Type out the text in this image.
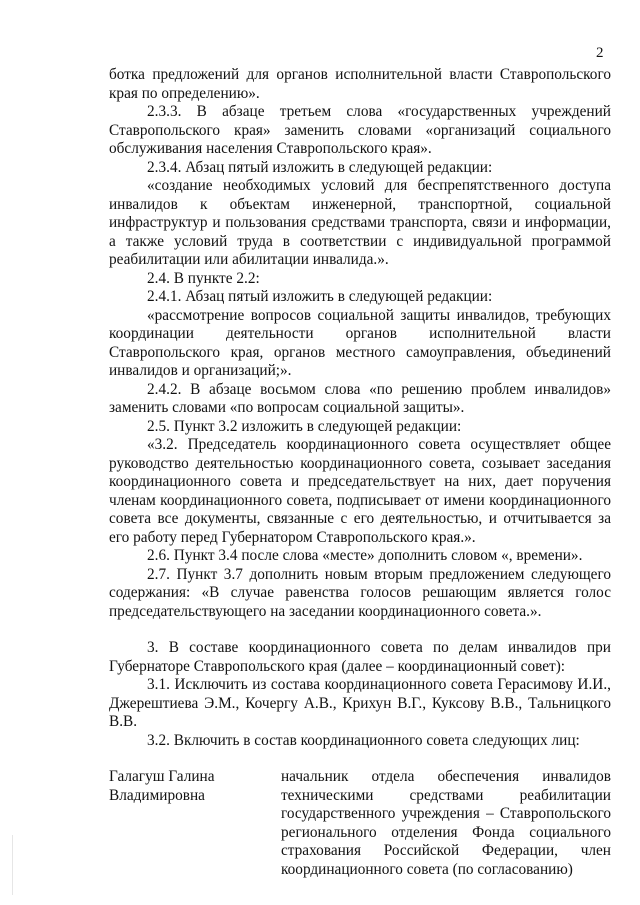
2

ботка предложений для органов исполнительной власти Ставропольского края по определению».

2.3.3. В абзаце третьем слова «государственных учреждений Ставропольского края» заменить словами «организаций социального обслуживания населения Ставропольского края».

2.3.4. Абзац пятый изложить в следующей редакции:

«создание необходимых условий для беспрепятственного доступа инвалидов к объектам инженерной, транспортной, социальной инфраструктур и пользования средствами транспорта, связи и информации, а также условий труда в соответствии с индивидуальной программой реабилитации или абилитации инвалида.».

2.4. В пункте 2.2:

2.4.1. Абзац пятый изложить в следующей редакции:

«рассмотрение вопросов социальной защиты инвалидов, требующих координации деятельности органов исполнительной власти Ставропольского края, органов местного самоуправления, объединений инвалидов и организаций;».

2.4.2. В абзаце восьмом слова «по решению проблем инвалидов» заменить словами «по вопросам социальной защиты».

2.5. Пункт 3.2 изложить в следующей редакции:

«3.2. Председатель координационного совета осуществляет общее руководство деятельностью координационного совета, созывает заседания координационного совета и председательствует на них, дает поручения членам координационного совета, подписывает от имени координационного совета все документы, связанные с его деятельностью, и отчитывается за его работу перед Губернатором Ставропольского края.».

2.6. Пункт 3.4 после слова «месте» дополнить словом «, времени».

2.7. Пункт 3.7 дополнить новым вторым предложением следующего содержания: «В случае равенства голосов решающим является голос председательствующего на заседании координационного совета.».

3. В составе координационного совета по делам инвалидов при Губернаторе Ставропольского края (далее – координационный совет):

3.1. Исключить из состава координационного совета Герасимову И.И., Джерештиева Э.М., Кочергу А.В., Крихун В.Г., Куксову В.В., Тальницкого В.В.

3.2. Включить в состав координационного совета следующих лиц:

Галагуш Галина
Владимировна
начальник отдела обеспечения инвалидов техническими средствами реабилитации государственного учреждения – Ставропольского регионального отделения Фонда социального страхования Российской Федерации, член координационного совета (по согласованию)
